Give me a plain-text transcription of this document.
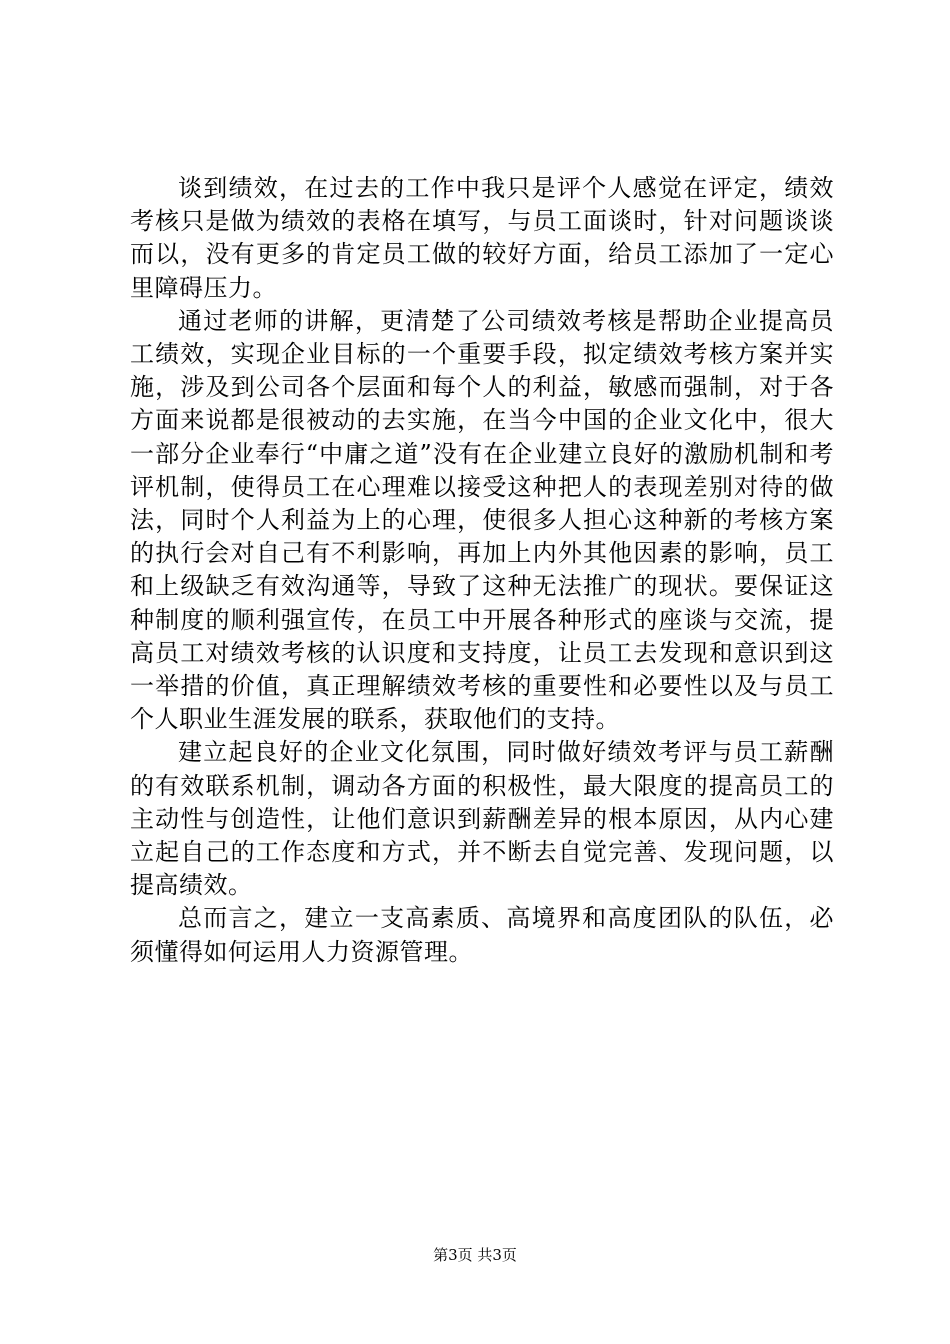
谈到绩效，在过去的工作中我只是评个人感觉在评定，绩效考核只是做为绩效的表格在填写，与员工面谈时，针对问题谈谈而以，没有更多的肯定员工做的较好方面，给员工添加了一定心里障碍压力。

通过老师的讲解，更清楚了公司绩效考核是帮助企业提高员工绩效，实现企业目标的一个重要手段，拟定绩效考核方案并实施，涉及到公司各个层面和每个人的利益，敏感而强制，对于各方面来说都是很被动的去实施，在当今中国的企业文化中，很大一部分企业奉行“中庸之道”没有在企业建立良好的激励机制和考评机制，使得员工在心理难以接受这种把人的表现差别对待的做法，同时个人利益为上的心理，使很多人担心这种新的考核方案的执行会对自己有不利影响，再加上内外其他因素的影响，员工和上级缺乏有效沟通等，导致了这种无法推广的现状。要保证这种制度的顺利强宣传，在员工中开展各种形式的座谈与交流，提高员工对绩效考核的认识度和支持度，让员工去发现和意识到这一举措的价值，真正理解绩效考核的重要性和必要性以及与员工个人职业生涯发展的联系，获取他们的支持。

建立起良好的企业文化氛围，同时做好绩效考评与员工薪酬的有效联系机制，调动各方面的积极性，最大限度的提高员工的主动性与创造性，让他们意识到薪酬差异的根本原因，从内心建立起自己的工作态度和方式，并不断去自觉完善、发现问题，以提高绩效。

总而言之，建立一支高素质、高境界和高度团队的队伍，必须懂得如何运用人力资源管理。

第3页 共3页
